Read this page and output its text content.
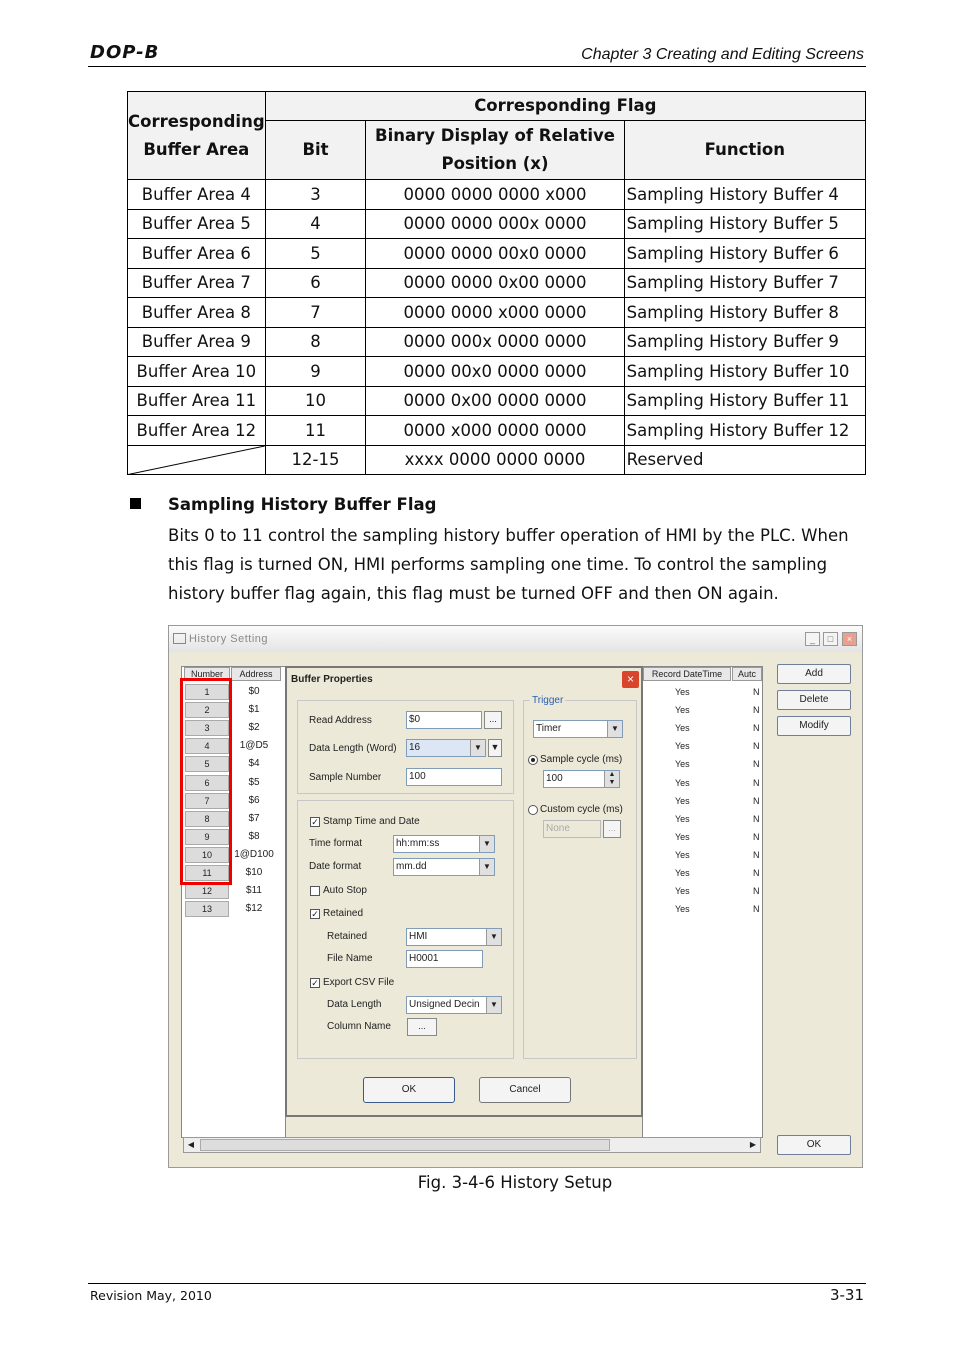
DOP-B	Chapter 3 Creating and Editing Screens
Corresponding Buffer Area	Corresponding Flag		
	Bit	Binary Display of Relative Position (x)	Function
Buffer Area 4	3	0000 0000 0000 x000	Sampling History Buffer 4
Buffer Area 5	4	0000 0000 000x 0000	Sampling History Buffer 5
Buffer Area 6	5	0000 0000 00x0 0000	Sampling History Buffer 6
Buffer Area 7	6	0000 0000 0x00 0000	Sampling History Buffer 7
Buffer Area 8	7	0000 0000 x000 0000	Sampling History Buffer 8
Buffer Area 9	8	0000 000x 0000 0000	Sampling History Buffer 9
Buffer Area 10	9	0000 00x0 0000 0000	Sampling History Buffer 10
Buffer Area 11	10	0000 0x00 0000 0000	Sampling History Buffer 11
Buffer Area 12	11	0000 x000 0000 0000	Sampling History Buffer 12

	12-15	xxxx 0000 0000 0000	Reserved
Sampling History Buffer Flag
Bits 0 to 11 control the sampling history buffer operation of HMI by the PLC. When this flag is turned ON, HMI performs sampling one time. To control the sampling history buffer flag again, this flag must be turned OFF and then ON again.
History Setting	_	□	×
Number	Address
1	$0
2	$1
3	$2
4	1@D5
5	$4
6	$5
7	$6
8	$7
9	$8
10	1@D100
11	$10
12	$11
13	$12
Record DateTime	Autc
Yes	N
Yes	N
Yes	N
Yes	N
Yes	N
Yes	N
Yes	N
Yes	N
Yes	N
Yes	N
Yes	N
Yes	N
Yes	N
Add
Delete
Modify
OK
◀	▶
Buffer Properties	×
Read Address	$0	...
Data Length (Word)	16	▼ ▼
Sample Number	100
✓ Stamp Time and Date
Time format	hh:mm:ss	▼
Date format	mm.dd	▼
Auto Stop
✓ Retained
Retained	HMI	▼
File Name	H0001
✓ Export CSV File
Data Length	Unsigned Decin	▼
Column Name	...
Trigger
Timer	▼
Sample cycle (ms)
100	▲
▼
Custom cycle (ms)
None	...
OK	Cancel
Fig. 3-4-6 History Setup
Revision May, 2010	3-31
